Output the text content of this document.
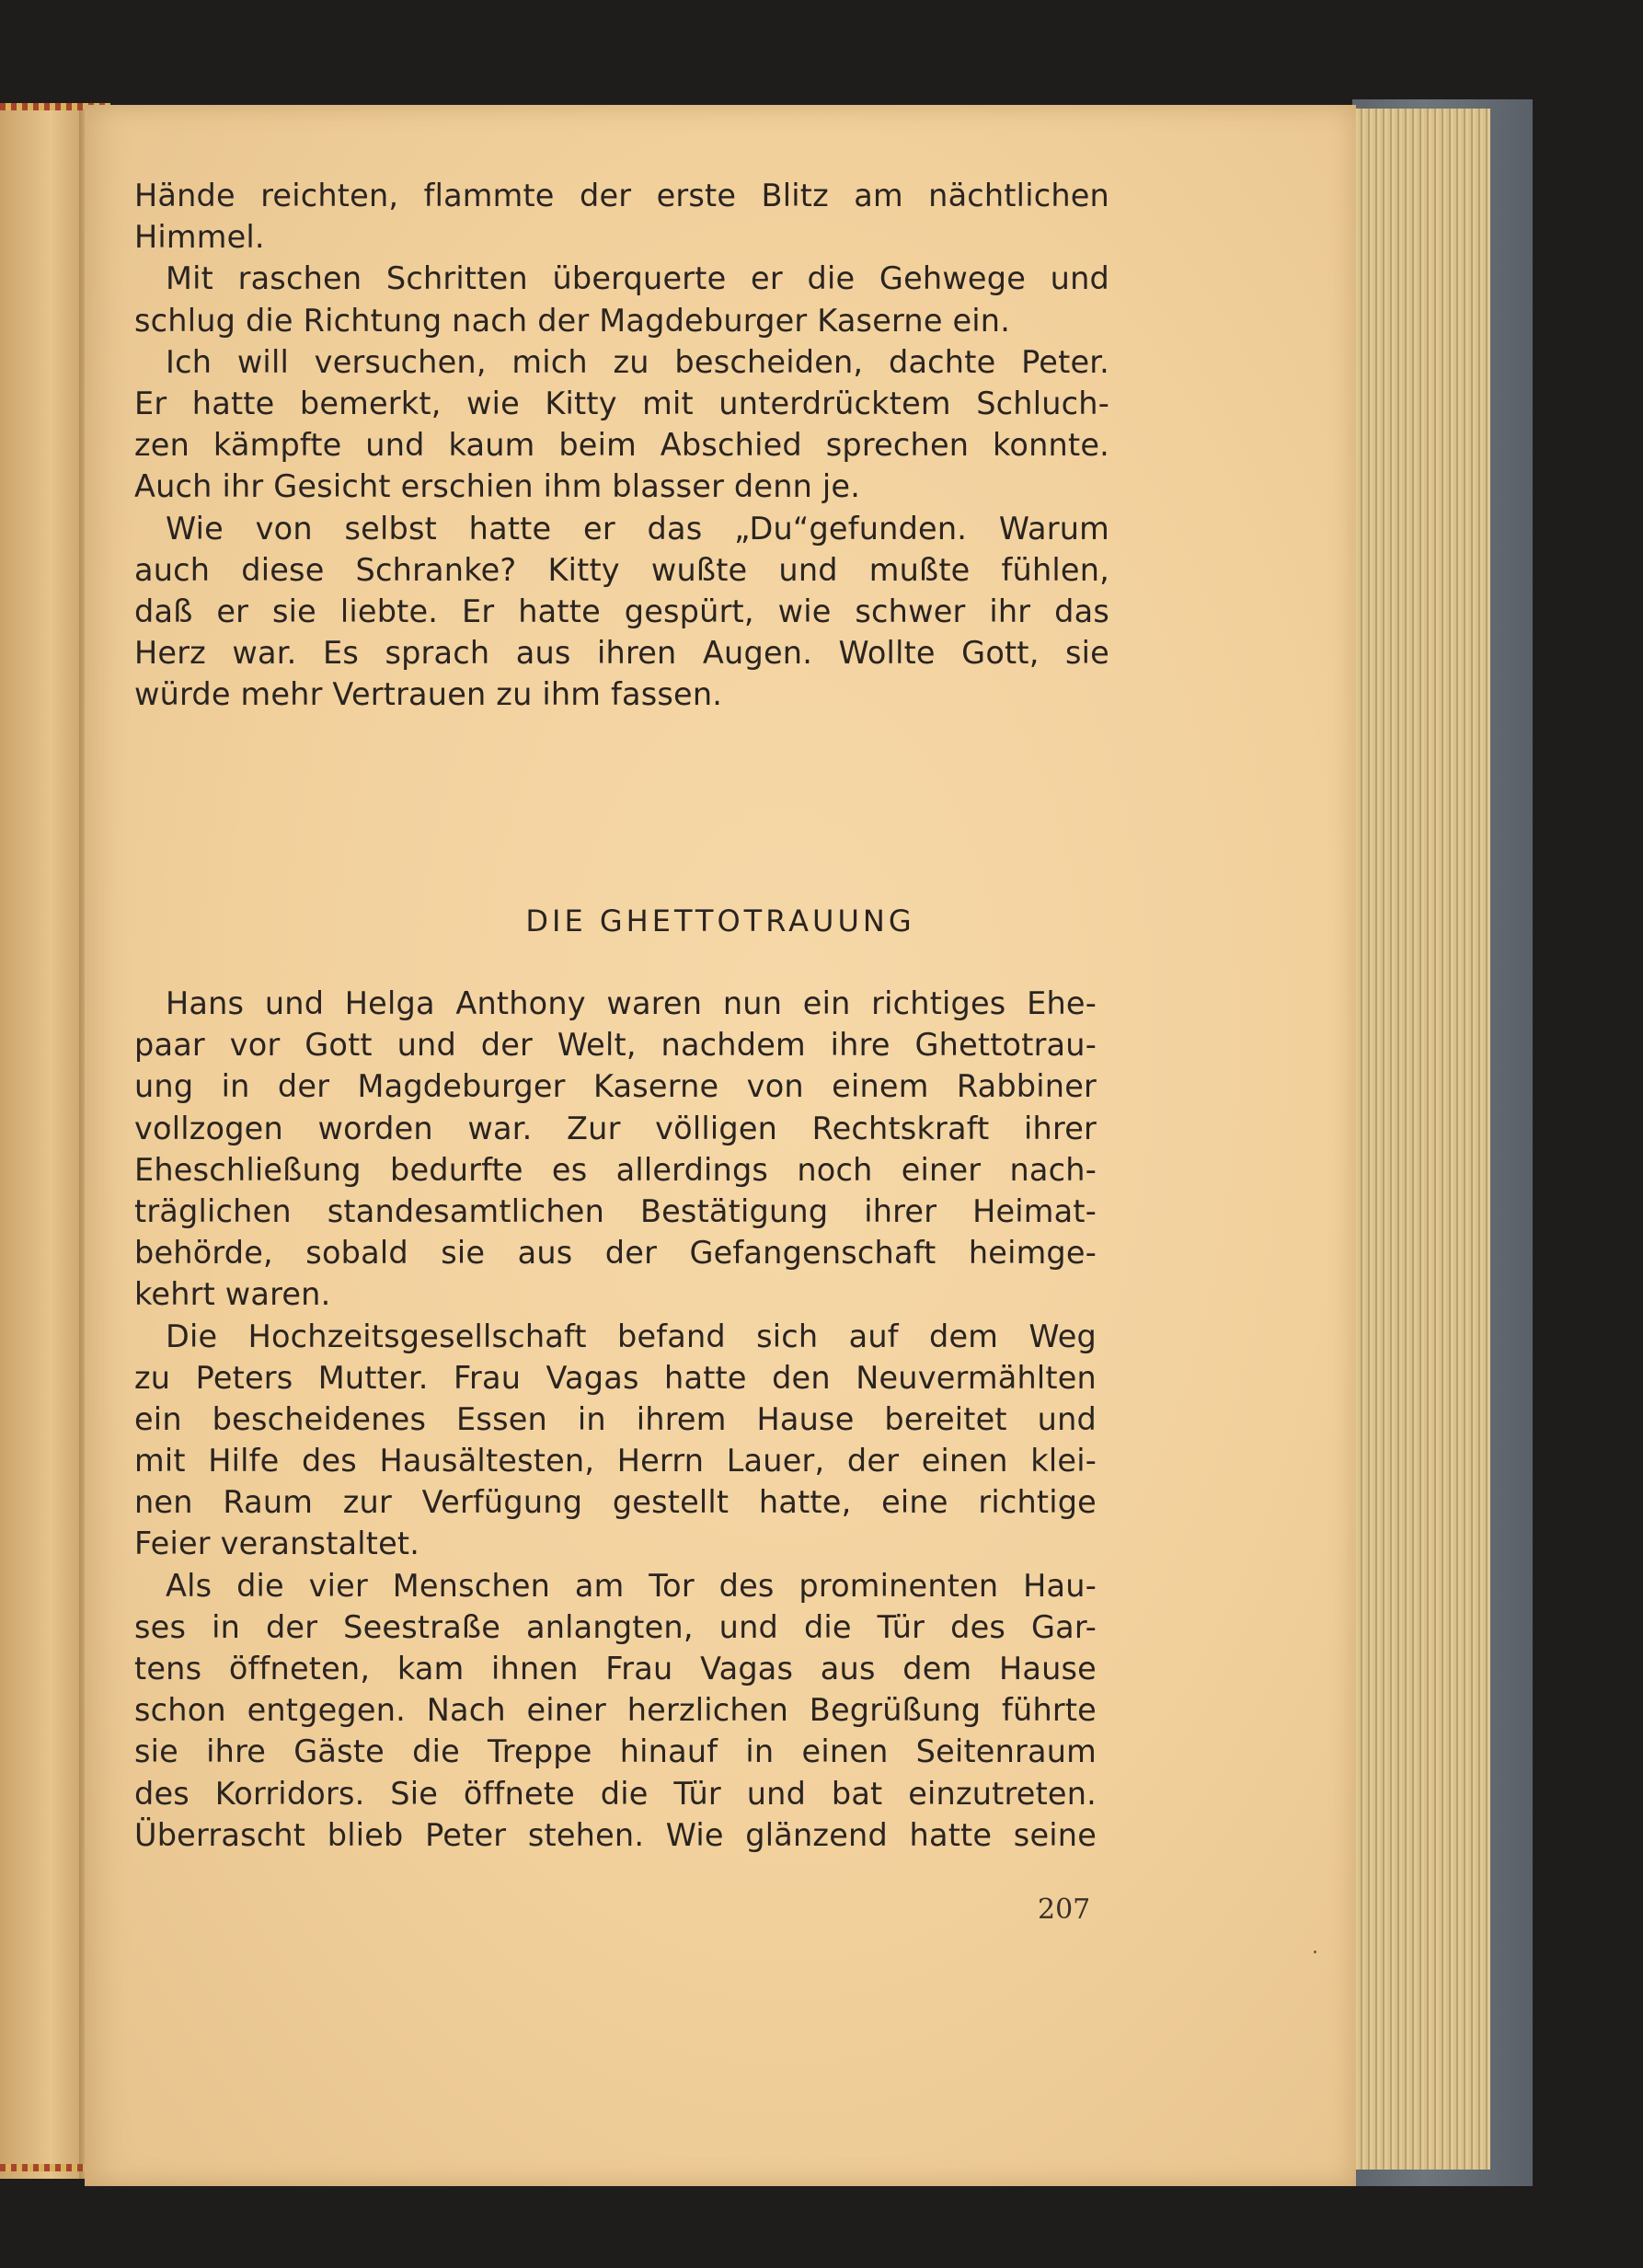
Hände reichten, flammte der erste Blitz am nächtlichen
Himmel.
Mit raschen Schritten überquerte er die Gehwege und
schlug die Richtung nach der Magdeburger Kaserne ein.
Ich will versuchen, mich zu bescheiden, dachte Peter.
Er hatte bemerkt, wie Kitty mit unterdrücktem Schluch-
zen kämpfte und kaum beim Abschied sprechen konnte.
Auch ihr Gesicht erschien ihm blasser denn je.
Wie von selbst hatte er das „Du“gefunden. Warum
auch diese Schranke? Kitty wußte und mußte fühlen,
daß er sie liebte. Er hatte gespürt, wie schwer ihr das
Herz war. Es sprach aus ihren Augen. Wollte Gott, sie
würde mehr Vertrauen zu ihm fassen.
DIE GHETTOTRAUUNG
Hans und Helga Anthony waren nun ein richtiges Ehe-
paar vor Gott und der Welt, nachdem ihre Ghettotrau-
ung in der Magdeburger Kaserne von einem Rabbiner
vollzogen worden war. Zur völligen Rechtskraft ihrer
Eheschließung bedurfte es allerdings noch einer nach-
träglichen standesamtlichen Bestätigung ihrer Heimat-
behörde, sobald sie aus der Gefangenschaft heimge-
kehrt waren.
Die Hochzeitsgesellschaft befand sich auf dem Weg
zu Peters Mutter. Frau Vagas hatte den Neuvermählten
ein bescheidenes Essen in ihrem Hause bereitet und
mit Hilfe des Hausältesten, Herrn Lauer, der einen klei-
nen Raum zur Verfügung gestellt hatte, eine richtige
Feier veranstaltet.
Als die vier Menschen am Tor des prominenten Hau-
ses in der Seestraße anlangten, und die Tür des Gar-
tens öffneten, kam ihnen Frau Vagas aus dem Hause
schon entgegen. Nach einer herzlichen Begrüßung führte
sie ihre Gäste die Treppe hinauf in einen Seitenraum
des Korridors. Sie öffnete die Tür und bat einzutreten.
Überrascht blieb Peter stehen. Wie glänzend hatte seine
207
